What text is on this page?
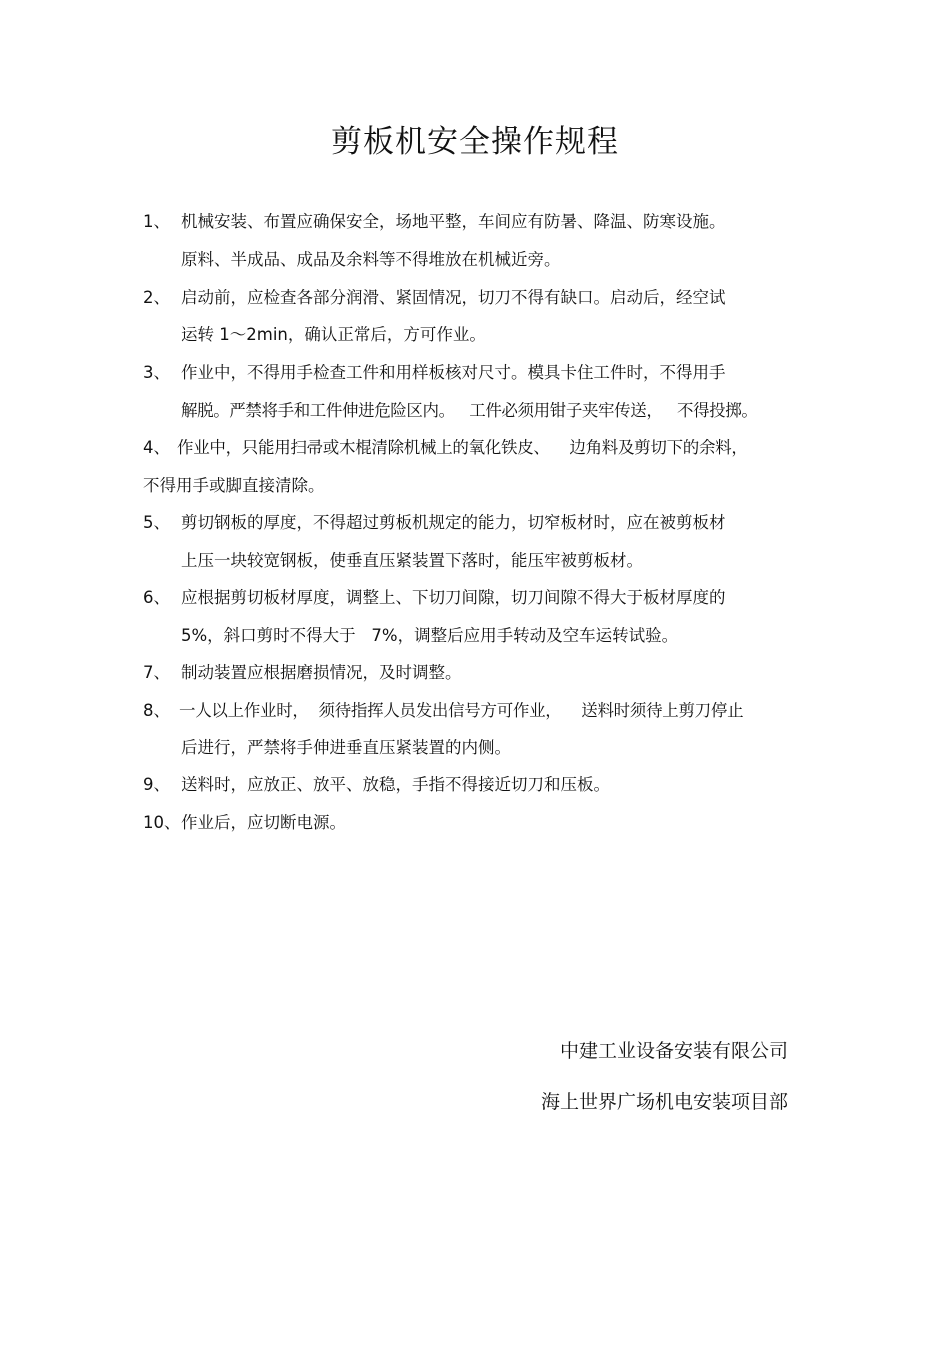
剪板机安全操作规程
1、 机械安装、布置应确保安全，场地平整，车间应有防暑、降温、防寒设施。
原料、半成品、成品及余料等不得堆放在机械近旁。
2、 启动前，应检查各部分润滑、紧固情况，切刀不得有缺口。启动后，经空试
运转 1～2min，确认正常后，方可作业。
3、 作业中，不得用手检查工件和用样板核对尺寸。模具卡住工件时，不得用手
解脱。严禁将手和工件伸进危险区内。   工件必须用钳子夹牢传送，   不得投掷。
4、 作业中，只能用扫帚或木棍清除机械上的氧化铁皮、    边角料及剪切下的余料，
不得用手或脚直接清除。
5、 剪切钢板的厚度，不得超过剪板机规定的能力，切窄板材时，应在被剪板材
上压一块较宽钢板，使垂直压紧装置下落时，能压牢被剪板材。
6、 应根据剪切板材厚度，调整上、下切刀间隙，切刀间隙不得大于板材厚度的
5%，斜口剪时不得大于   7%，调整后应用手转动及空车运转试验。
7、 制动装置应根据磨损情况，及时调整。
8、 一人以上作业时，  须待指挥人员发出信号方可作业，    送料时须待上剪刀停止
后进行，严禁将手伸进垂直压紧装置的内侧。
9、 送料时，应放正、放平、放稳，手指不得接近切刀和压板。
10、 作业后，应切断电源。
中建工业设备安装有限公司
海上世界广场机电安装项目部
